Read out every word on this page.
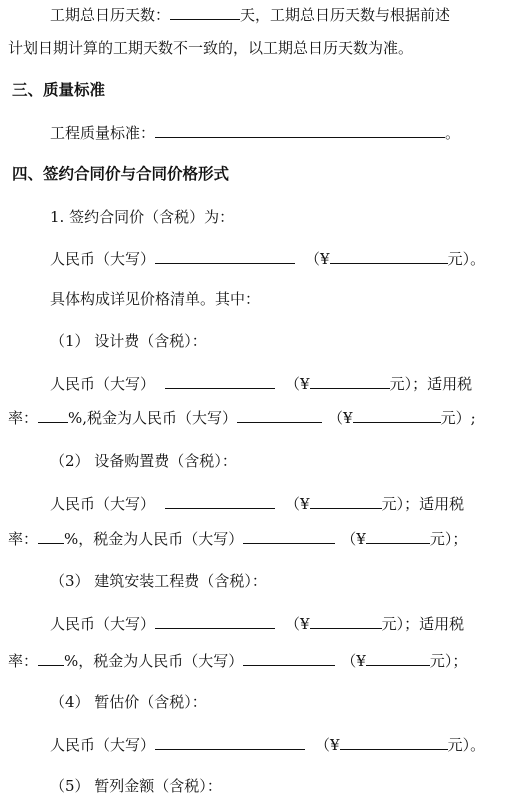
工期总日历天数：	天，工期总日历天数与根据前述
计划日期计算的工期天数不一致的，以工期总日历天数为准。
三、质量标准
工程质量标准：	。
四、签约合同价与合同价格形式
1. 签约合同价（含税）为：
人民币（大写）	（¥	元）。
具体构成详见价格清单。其中：
（1） 设计费（含税）：
人民币（大写）	（¥	元）；适用税
率： %,税金为人民币（大写）	（¥	元）;
（2） 设备购置费（含税）：
人民币（大写）	（¥	元）；适用税
率： %，税金为人民币（大写）	（¥	元）；
（3） 建筑安装工程费（含税）：
人民币（大写）	（¥	元）；适用税
率： %，税金为人民币（大写）	（¥	元）；
（4） 暂估价（含税）：
人民币（大写）	（¥	元）。
（5） 暂列金额（含税）：
